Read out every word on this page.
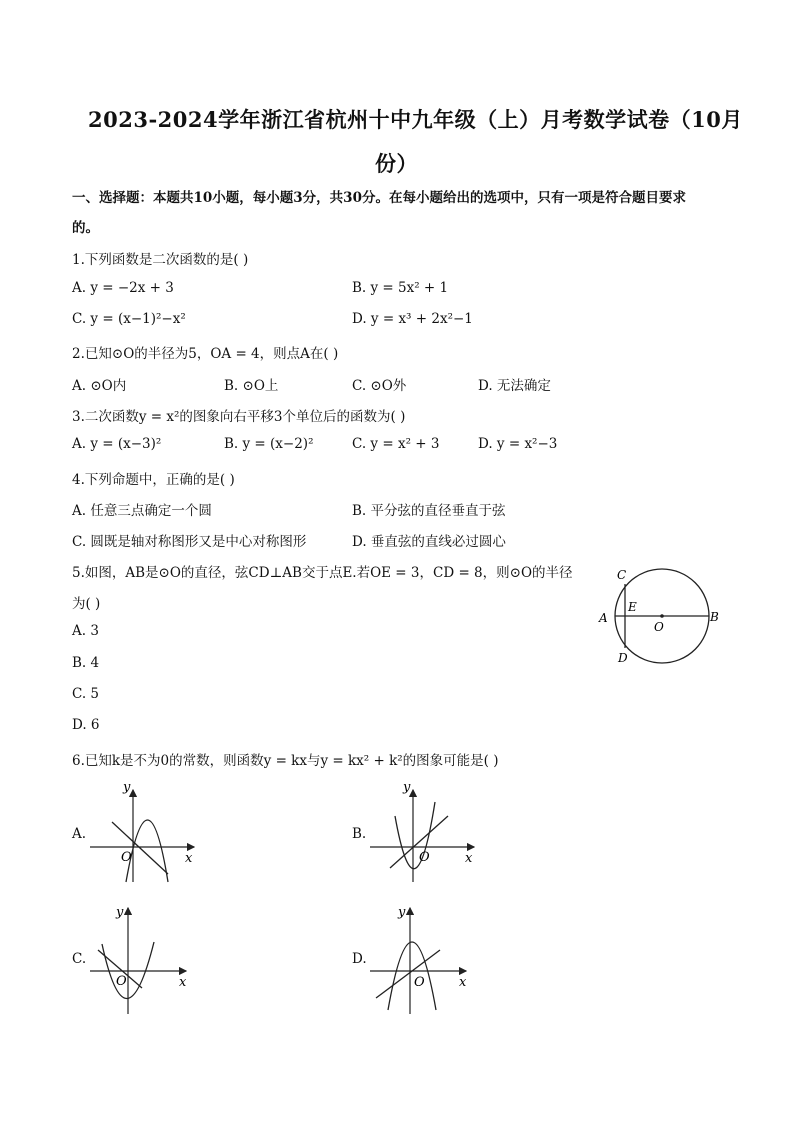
2023-2024学年浙江省杭州十中九年级（上）月考数学试卷（10月
份）
一、选择题：本题共10小题，每小题3分，共30分。在每小题给出的选项中，只有一项是符合题目要求
的。
1.下列函数是二次函数的是( )
A. y = −2x + 3	B. y = 5x² + 1
C. y = (x−1)²−x²	D. y = x³ + 2x²−1
2.已知⊙O的半径为5，OA = 4，则点A在( )
A. ⊙O内	B. ⊙O上	C. ⊙O外	D. 无法确定
3.二次函数y = x²的图象向右平移3个单位后的函数为( )
A. y = (x−3)²	B. y = (x−2)²	C. y = x² + 3	D. y = x²−3
4.下列命题中，正确的是( )
A. 任意三点确定一个圆	B. 平分弦的直径垂直于弦
C. 圆既是轴对称图形又是中心对称图形	D. 垂直弦的直线必过圆心
5.如图，AB是⊙O的直径，弦CD⊥AB交于点E.若OE = 3，CD = 8，则⊙O的半径
为( )
A. 3
B. 4
C. 5
D. 6
C
E
A
O
B
D
6.已知k是不为0的常数，则函数y = kx与y = kx² + k²的图象可能是( )
A.
y
x
O
B.
y
x
O
C.
y
x
O
D.
y
x
O
